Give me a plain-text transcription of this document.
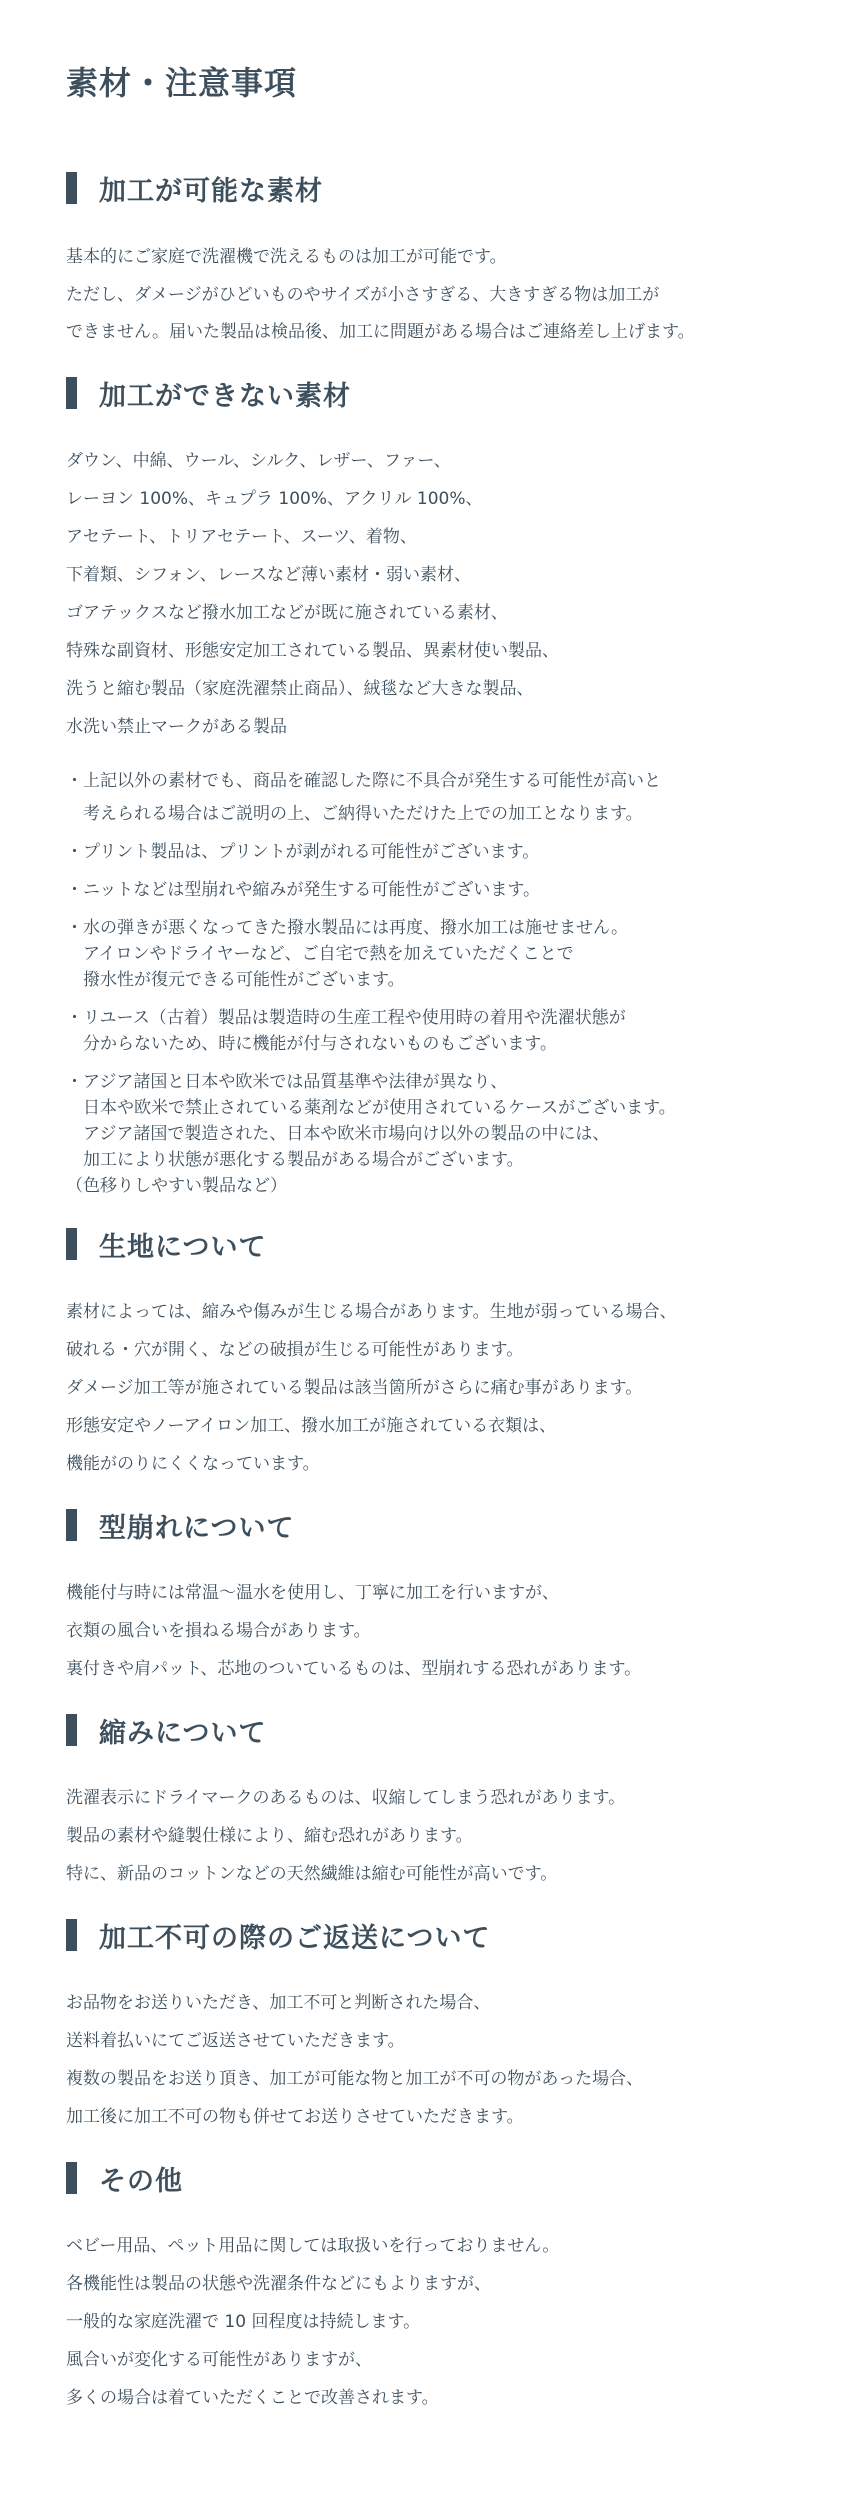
素材・注意事項
加工が可能な素材
基本的にご家庭で洗濯機で洗えるものは加工が可能です。
ただし、ダメージがひどいものやサイズが小さすぎる、大きすぎる物は加工が
できません。届いた製品は検品後、加工に問題がある場合はご連絡差し上げます。
加工ができない素材
ダウン、中綿、ウール、シルク、レザー、ファー、
レーヨン 100%、キュプラ 100%、アクリル 100%、
アセテート、トリアセテート、スーツ、着物、
下着類、シフォン、レースなど薄い素材・弱い素材、
ゴアテックスなど撥水加工などが既に施されている素材、
特殊な副資材、形態安定加工されている製品、異素材使い製品、
洗うと縮む製品（家庭洗濯禁止商品）、絨毯など大きな製品、
水洗い禁止マークがある製品
・上記以外の素材でも、商品を確認した際に不具合が発生する可能性が高いと
　考えられる場合はご説明の上、ご納得いただけた上での加工となります。
・プリント製品は、プリントが剥がれる可能性がございます。
・ニットなどは型崩れや縮みが発生する可能性がございます。
・水の弾きが悪くなってきた撥水製品には再度、撥水加工は施せません。
　アイロンやドライヤーなど、ご自宅で熱を加えていただくことで
　撥水性が復元できる可能性がございます。
・リユース（古着）製品は製造時の生産工程や使用時の着用や洗濯状態が
　分からないため、時に機能が付与されないものもございます。
・アジア諸国と日本や欧米では品質基準や法律が異なり、
　日本や欧米で禁止されている薬剤などが使用されているケースがございます。
　アジア諸国で製造された、日本や欧米市場向け以外の製品の中には、
　加工により状態が悪化する製品がある場合がございます。
（色移りしやすい製品など）
生地について
素材によっては、縮みや傷みが生じる場合があります。生地が弱っている場合、
破れる・穴が開く、などの破損が生じる可能性があります。
ダメージ加工等が施されている製品は該当箇所がさらに痛む事があります。
形態安定やノーアイロン加工、撥水加工が施されている衣類は、
機能がのりにくくなっています。
型崩れについて
機能付与時には常温〜温水を使用し、丁寧に加工を行いますが、
衣類の風合いを損ねる場合があります。
裏付きや肩パット、芯地のついているものは、型崩れする恐れがあります。
縮みについて
洗濯表示にドライマークのあるものは、収縮してしまう恐れがあります。
製品の素材や縫製仕様により、縮む恐れがあります。
特に、新品のコットンなどの天然繊維は縮む可能性が高いです。
加工不可の際のご返送について
お品物をお送りいただき、加工不可と判断された場合、
送料着払いにてご返送させていただきます。
複数の製品をお送り頂き、加工が可能な物と加工が不可の物があった場合、
加工後に加工不可の物も併せてお送りさせていただきます。
その他
ベビー用品、ペット用品に関しては取扱いを行っておりません。
各機能性は製品の状態や洗濯条件などにもよりますが、
一般的な家庭洗濯で 10 回程度は持続します。
風合いが変化する可能性がありますが、
多くの場合は着ていただくことで改善されます。
